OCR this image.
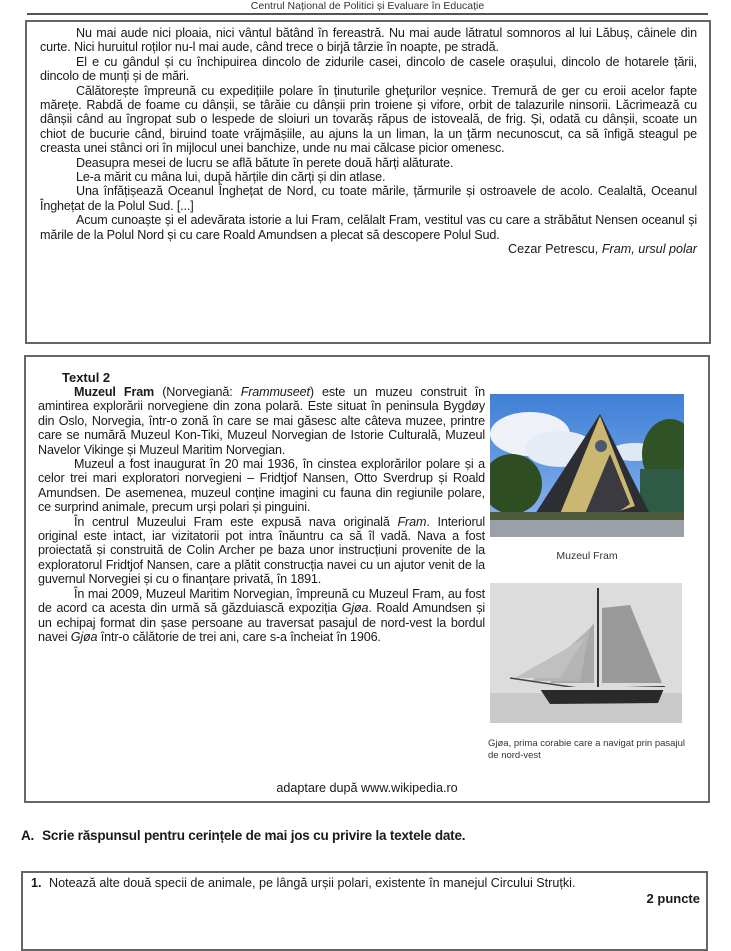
Centrul Național de Politici și Evaluare în Educație

Nu mai aude nici ploaia, nici vântul bătând în fereastră. Nu mai aude lătratul somnoros al lui Lăbuș, câinele din curte. Nici huruitul roților nu-l mai aude, când trece o birjă târzie în noapte, pe stradă.

El e cu gândul și cu închipuirea dincolo de zidurile casei, dincolo de casele orașului, dincolo de hotarele țării, dincolo de munți și de mări.

Călătorește împreună cu expedițiile polare în ținuturile gheţurilor veșnice. Tremură de ger cu eroii acelor fapte mărețe. Rabdă de foame cu dânșii, se târăie cu dânșii prin troiene și vifore, orbit de talazurile ninsorii. Lăcrimează cu dânșii când au îngropat sub o lespede de sloiuri un tovarăș răpus de istoveală, de frig. Și, odată cu dânșii, scoate un chiot de bucurie când, biruind toate vrăjmășiile, au ajuns la un liman, la un țărm necunoscut, ca să înfigă steagul pe creasta unei stânci ori în mijlocul unei banchize, unde nu mai călcase picior omenesc.

Deasupra mesei de lucru se află bătute în perete două hărți alăturate.

Le-a mărit cu mâna lui, după hărțile din cărți și din atlase.

Una înfățișează Oceanul Înghețat de Nord, cu toate mările, țărmurile și ostroavele de acolo. Cealaltă, Oceanul Înghețat de la Polul Sud. [...]

Acum cunoaște și el adevărata istorie a lui Fram, celălalt Fram, vestitul vas cu care a străbătut Nensen oceanul și mările de la Polul Nord și cu care Roald Amundsen a plecat să descopere Polul Sud.

Cezar Petrescu, Fram, ursul polar

Textul 2

Muzeul Fram (Norvegiană: Frammuseet) este un muzeu construit în amintirea explorării norvegiene din zona polară. Este situat în peninsula Bygdøy din Oslo, Norvegia, într-o zonă în care se mai găsesc alte câteva muzee, printre care se numără Muzeul Kon-Tiki, Muzeul Norvegian de Istorie Culturală, Muzeul Navelor Vikinge și Muzeul Maritim Norvegian.

Muzeul a fost inaugurat în 20 mai 1936, în cinstea explorărilor polare și a celor trei mari exploratori norvegieni – Fridtjof Nansen, Otto Sverdrup și Roald Amundsen. De asemenea, muzeul conține imagini cu fauna din regiunile polare, ce surprind animale, precum urși polari și pinguini.

În centrul Muzeului Fram este expusă nava originală Fram. Interiorul original este intact, iar vizitatorii pot intra înăuntru ca să îl vadă. Nava a fost proiectată și construită de Colin Archer pe baza unor instrucțiuni provenite de la exploratorul Fridtjof Nansen, care a plătit construcția navei cu un ajutor venit de la guvernul Norvegiei și cu o finanțare privată, în 1891.

În mai 2009, Muzeul Maritim Norvegian, împreună cu Muzeul Fram, au fost de acord ca acesta din urmă să găzduiască expoziția Gjøa. Roald Amundsen și un echipaj format din șase persoane au traversat pasajul de nord-vest la bordul navei Gjøa într-o călătorie de trei ani, care s-a încheiat în 1906.

Muzeul Fram
Gjøa, prima corabie care a navigat prin pasajul de nord-vest
adaptare după www.wikipedia.ro
A. Scrie răspunsul pentru cerințele de mai jos cu privire la textele date.

1. Notează alte două specii de animale, pe lângă urșii polari, existente în manejul Circului Struțki.

2 puncte
